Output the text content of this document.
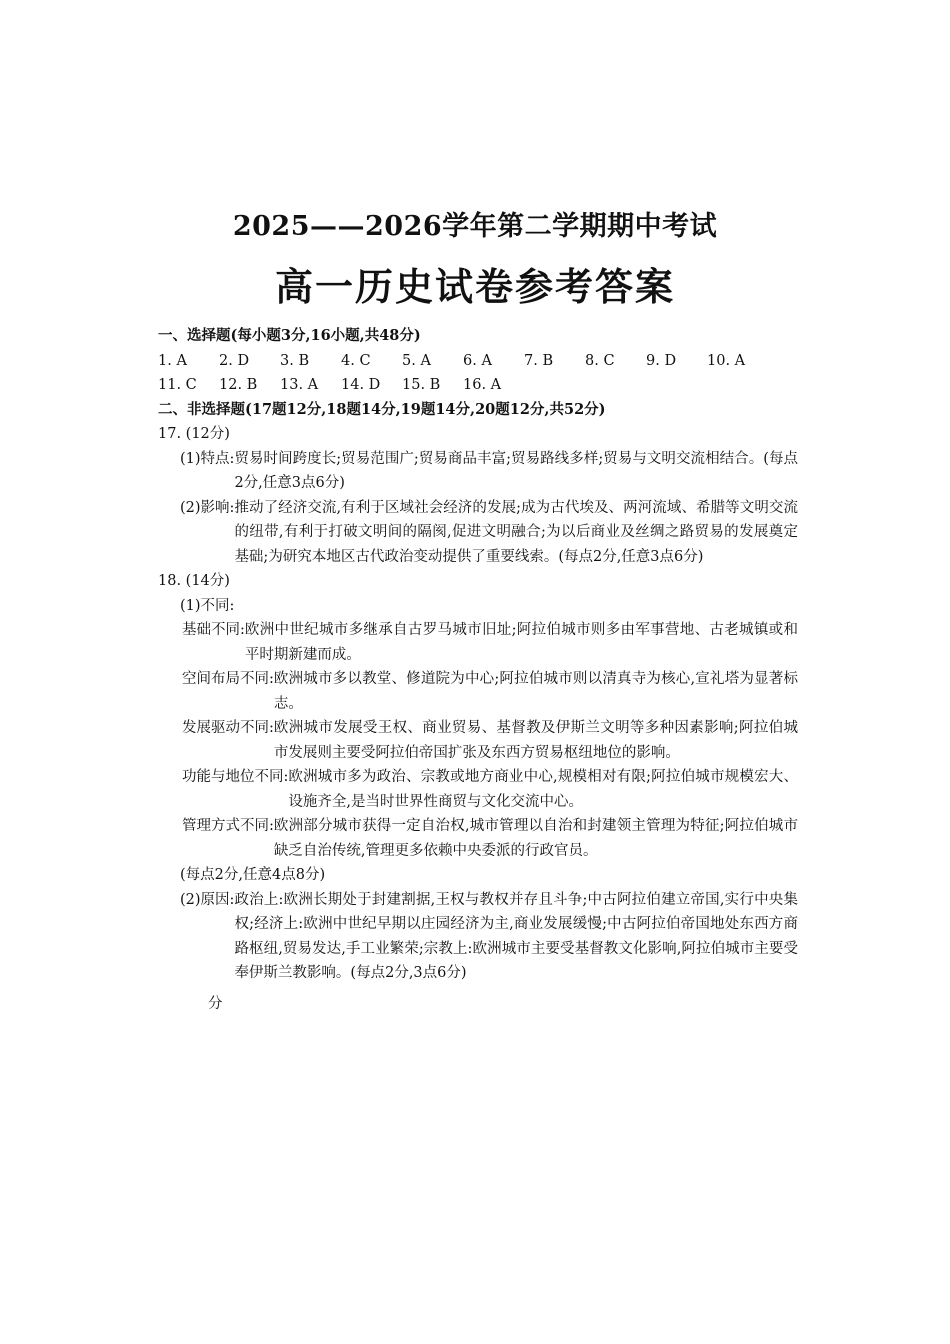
2025——2026学年第二学期期中考试
高一历史试卷参考答案
一、选择题(每小题3分,16小题,共48分)
1. A	2. D	3. B	4. C	5. A	6. A	7. B	8. C	9. D	10. A
11. C	12. B	13. A	14. D	15. B	16. A
二、非选择题(17题12分,18题14分,19题14分,20题12分,共52分)
17. (12分)
(1)特点: 贸易时间跨度长;贸易范围广;贸易商品丰富;贸易路线多样;贸易与文明交流相结合。(每点2分,任意3点6分)
(2)影响: 推动了经济交流,有利于区域社会经济的发展;成为古代埃及、两河流域、希腊等文明交流的纽带,有利于打破文明间的隔阂,促进文明融合;为以后商业及丝绸之路贸易的发展奠定基础;为研究本地区古代政治变动提供了重要线索。(每点2分,任意3点6分)
18. (14分)
(1)不同:
基础不同: 欧洲中世纪城市多继承自古罗马城市旧址;阿拉伯城市则多由军事营地、古老城镇或和平时期新建而成。
空间布局不同: 欧洲城市多以教堂、修道院为中心;阿拉伯城市则以清真寺为核心,宣礼塔为显著标志。
发展驱动不同: 欧洲城市发展受王权、商业贸易、基督教及伊斯兰文明等多种因素影响;阿拉伯城市发展则主要受阿拉伯帝国扩张及东西方贸易枢纽地位的影响。
功能与地位不同: 欧洲城市多为政治、宗教或地方商业中心,规模相对有限;阿拉伯城市规模宏大、设施齐全,是当时世界性商贸与文化交流中心。
管理方式不同: 欧洲部分城市获得一定自治权,城市管理以自治和封建领主管理为特征;阿拉伯城市缺乏自治传统,管理更多依赖中央委派的行政官员。
(每点2分,任意4点8分)
(2)原因: 政治上:欧洲长期处于封建割据,王权与教权并存且斗争;中古阿拉伯建立帝国,实行中央集权;经济上:欧洲中世纪早期以庄园经济为主,商业发展缓慢;中古阿拉伯帝国地处东西方商路枢纽,贸易发达,手工业繁荣;宗教上:欧洲城市主要受基督教文化影响,阿拉伯城市主要受奉伊斯兰教影响。(每点2分,3点6分)
分
